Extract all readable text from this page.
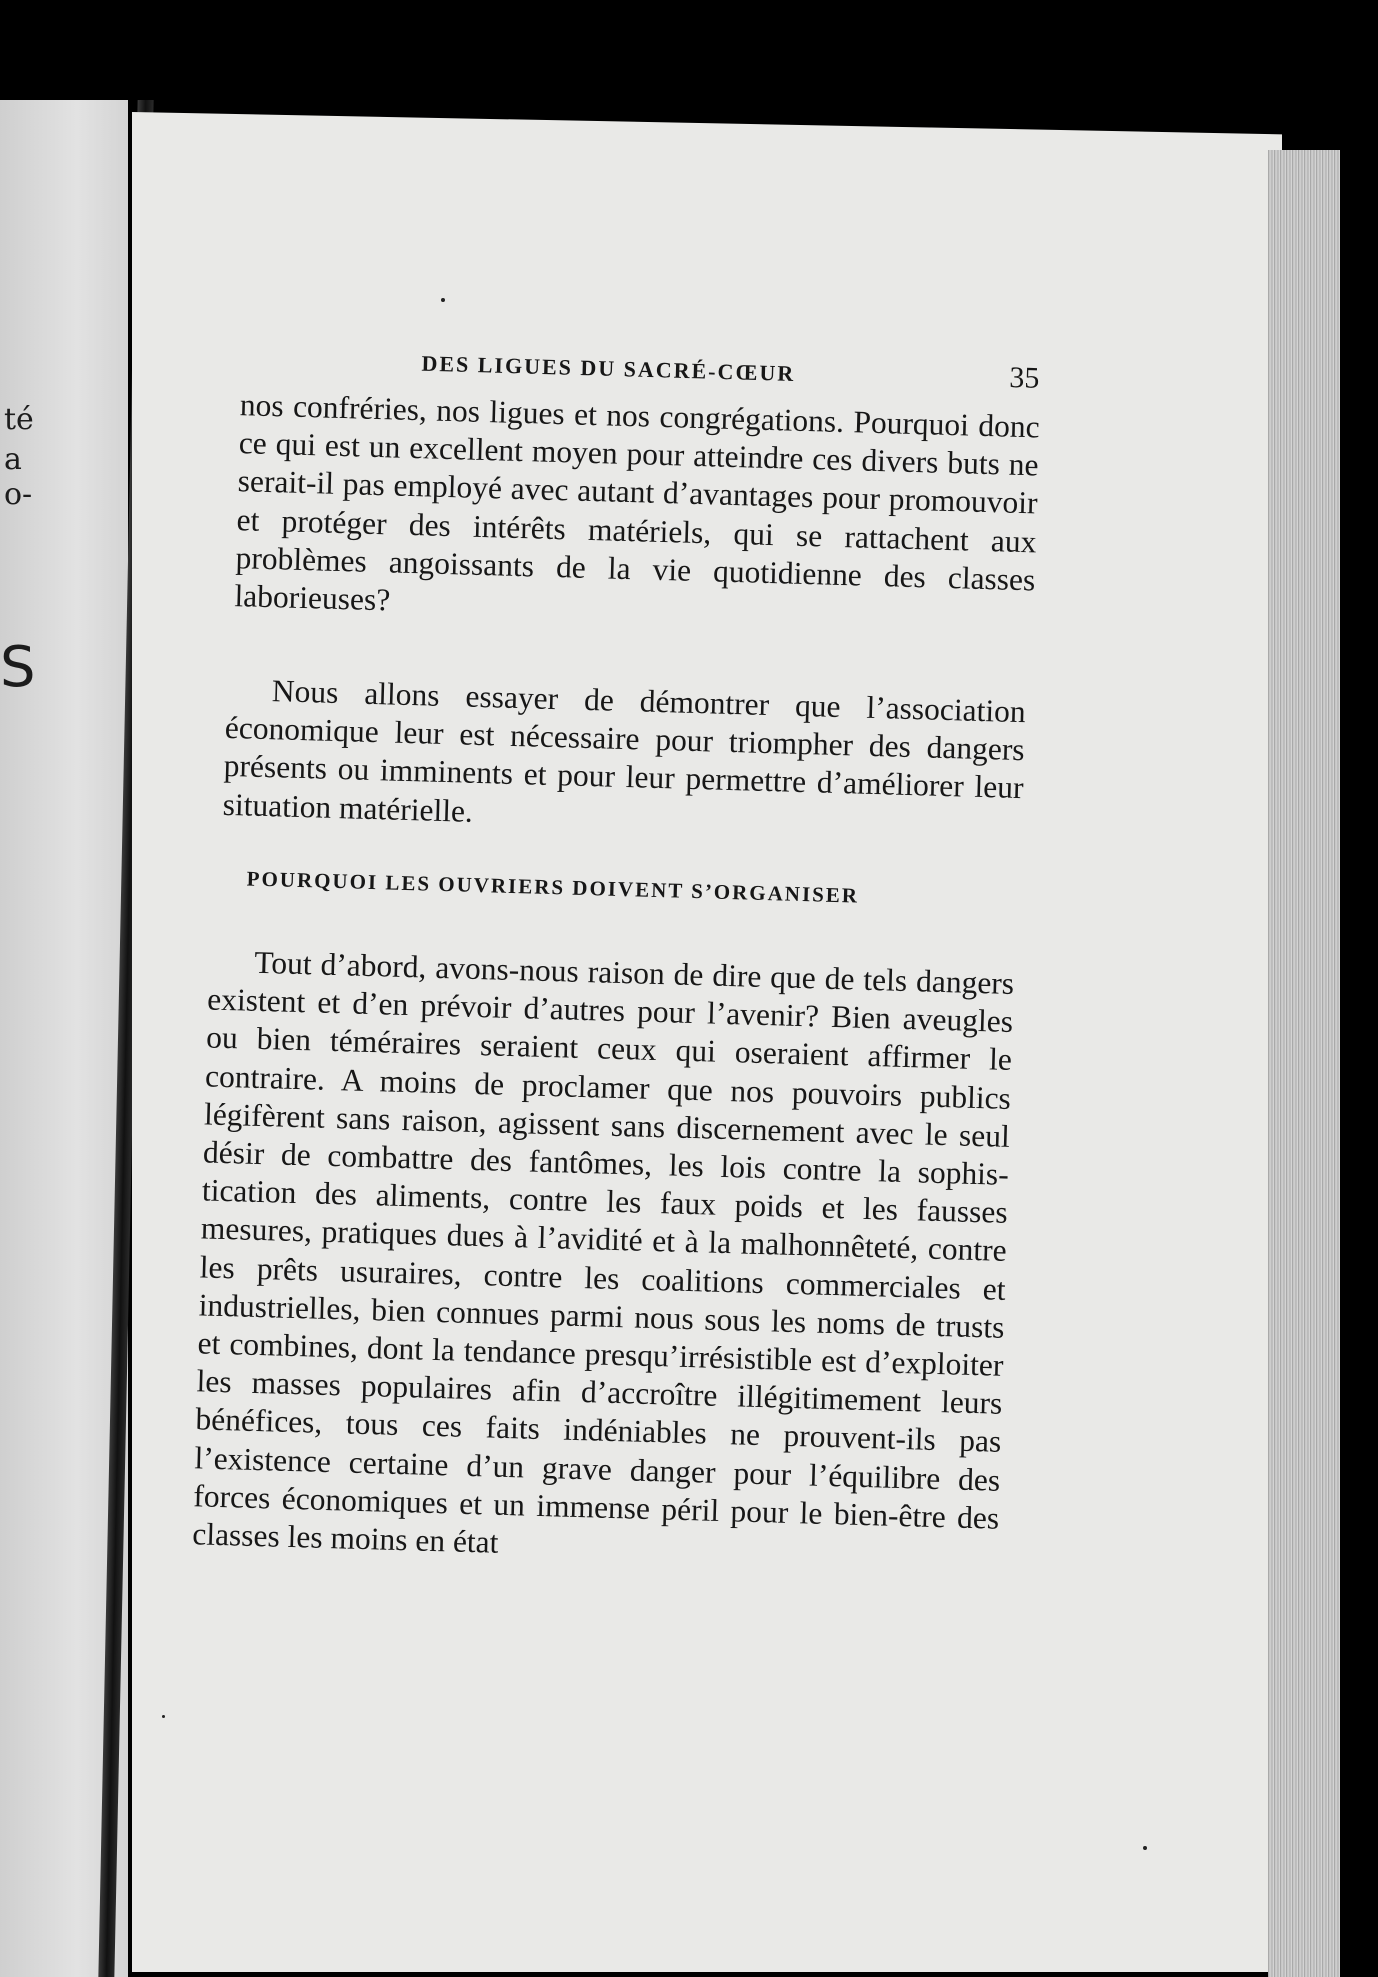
té
a
o-
S
DES LIGUES DU SACRÉ-CŒUR	35

nos confréries, nos ligues et nos congrégations. Pourquoi donc ce qui est un excellent moyen pour atteindre ces divers buts ne serait-il pas employé avec autant d’avantages pour promouvoir et protéger des intérêts matériels, qui se rattachent aux problèmes angoissants de la vie quotidienne des classes laborieuses?

Nous allons essayer de démontrer que l’association économique leur est nécessaire pour triompher des dangers présents ou imminents et pour leur permettre d’améliorer leur situation matérielle.

POURQUOI LES OUVRIERS DOIVENT S’ORGANISER

Tout d’abord, avons-nous raison de dire que de tels dangers existent et d’en prévoir d’autres pour l’avenir? Bien aveugles ou bien téméraires seraient ceux qui oseraient affirmer le contraire. A moins de proclamer que nos pouvoirs publics légifèrent sans raison, agissent sans discernement avec le seul désir de combattre des fantômes, les lois contre la sophistication des aliments, contre les faux poids et les fausses mesures, pratiques dues à l’avidité et à la malhonnêteté, contre les prêts usuraires, contre les coalitions commerciales et industrielles, bien connues parmi nous sous les noms de trusts et combines, dont la tendance presqu’irrésistible est d’exploiter les masses populaires afin d’accroître illégitimement leurs bénéfices, tous ces faits indéniables ne prouvent-ils pas l’existence certaine d’un grave danger pour l’équilibre des forces économiques et un immense péril pour le bien-être des classes les moins en état
